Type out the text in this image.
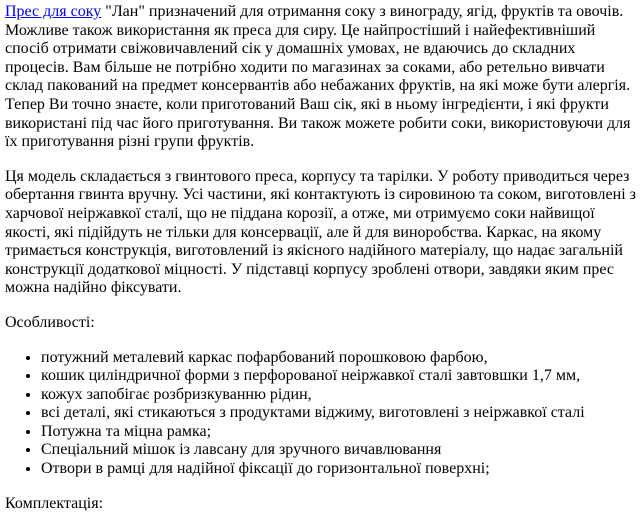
Прес для соку "Лан" призначений для отримання соку з винограду, ягід, фруктів та овочів. Можливе також використання як преса для сиру. Це найпростіший і найефективніший спосіб отримати свіжовичавлений сік у домашніх умовах, не вдаючись до складних процесів. Вам більше не потрібно ходити по магазинах за соками, або ретельно вивчати склад пакований на предмет консервантів або небажаних фруктів, на які може бути алергія. Тепер Ви точно знаєте, коли приготований Ваш сік, які в ньому інгредієнти, і які фрукти використані під час його приготування. Ви також можете робити соки, використовуючи для їх приготування різні групи фруктів.

Ця модель складається з гвинтового преса, корпусу та тарілки. У роботу приводиться через обертання гвинта вручну. Усі частини, які контактують із сировиною та соком, виготовлені з харчової неіржавкої сталі, що не піддана корозії, а отже, ми отримуємо соки найвищої якості, які підійдуть не тільки для консервації, але й для виноробства. Каркас, на якому тримається конструкція, виготовлений із якісного надійного матеріалу, що надає загальній конструкції додаткової міцності. У підставці корпусу зроблені отвори, завдяки яким прес можна надійно фіксувати.

Особливості:

• потужний металевий каркас пофарбований порошковою фарбою,
• кошик циліндричної форми з перфорованої неіржавкої сталі завтовшки 1,7 мм,
• кожух запобігає розбризкуванню рідин,
• всі деталі, які стикаються з продуктами віджиму, виготовлені з неіржавкої сталі
• Потужна та міцна рамка;
• Спеціальний мішок із лавсану для зручного вичавлювання
• Отвори в рамці для надійної фіксації до горизонтальної поверхні;

Комплектація:
